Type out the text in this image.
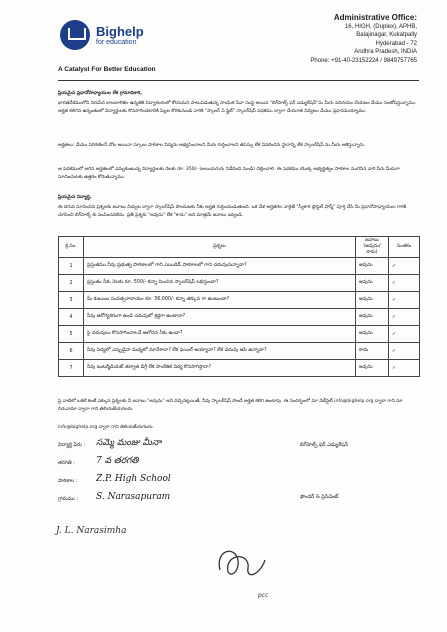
Bighelp
for education
A Catalyst For Better Education
Administrative Office:
16, HIGH, (Duplex), APHB,
Balajinagar, Kukatpally
Hyderabad - 72
Andhra Pradesh, INDIA
Phone: +91-40-23152224 / 9849757765
ప్రియమైన ప్రధానోపాధ్యాయుల లేక గ్రామాధికారి,
భారతదేశములోని నిరుపేద బాలబాలికల ఉన్నతికి విద్యారంగంలో కోయమని పాటుపడుతున్న సాంఘిక సేవా సంస్థ అయిన "బిగ్‌హెల్ప్ ఫర్ ఎడ్యుకేషన్"ను మీరు పరిచయం చేయటం మేము సంతోషిస్తున్నాము. అర్హత కలిగిన ఉన్నంతంలో విద్యార్థులకు కొనసాగించటానికి పిల్లల కొరకునుండి వారికి "స్కాలర్ ఏ ప్లైట్" స్కాలర్‌షిప్ పథకము ద్వారా చేయూత నివ్వటం మేము ప్రధానమయ్యాము.
అర్హతలు: మేము పరిగణించే చోట అయినా స్కూలు పాఠశాల విద్యను అభ్యసించాలని మీరు గుర్తించాలని తపస్సు లేక వివరించిన స్థానాన్ని లేక స్కాలర్‌షిప్ ను మీరు ఆశిస్తున్నారు.
ఆ పథకములో అగిన అర్హతలలో ఎన్నుకుంటున్న విద్యార్థులకు నెలకు రూ. 350/- (అయిదుగురు నివేదించి నుండి) చెల్లించాలి. ఈ పథకము యొక్క అభ్యర్థిత్వం పాఠశాల ముగిసిన వారి పేరు మీదుగా సూచించుటకు ఉత్తరం కోరుతున్నాము.
ప్రియమైన విద్యార్థి,
ఈ దిగువ సూచించిన ప్రశ్నలకు జవాబు నిచ్చుట ద్వారా స్కాలర్‌షిప్ పొందుటకు నీకు అర్హత గుర్తించబడుతుంది. ఒక వేళ అర్హతగల వారైతే "స్వీకార ఫ్రొఫైల్ ఫార్మ్" పూర్తి చేసి మీ ప్రధానోపాధ్యాయుల గారికి చూపించి బిగ్‌హెల్ప్ కు పంపించవలెను. ప్రతీ ప్రశ్నకు "అవును" లేక "కాదు" అని మాత్రమే జవాబు ఇవ్వండి.
క్ర.సం.	ప్రశ్నలు	జవాబు (అవును/కాదు)	సంతకం
1	ప్రస్తుతము నీవు ప్రభుత్వ పాఠశాలలో గాని ఎయిడెడ్ పాఠశాలలో గాని చదువుచున్నావా?	అవును	✓
2	ప్రస్తుతం నీకు నెలకు రూ. 500/- కన్నా మించిన స్కాలర్‌షిప్ లభిస్తుందా?	అవును	✓
3	మీ కుటుంబ సంవత్సరాదాయం రూ. 36,000/- కన్నా తక్కువ గా ఉంటుందా?	అవును	✓
4	నీవు ఆరోగ్యకరంగా ఉండి చదువులో శ్రద్ధగా ఉంటావా?	అవును	✓
5	పై చదువులు కొనసాగించాలనే ఆలోచన నీకు ఉందా?	అవును	✓
6	నీవు విద్యలో ఎప్పుడైనా మధ్యలో మానేశావా? లేక ఫెయిల్ అయ్యావా? లేక చదువు ఆపి ఉన్నావా?	కాదు	✓
7	నీవు ఇంటర్మీడియట్ తర్వాత డిగ్రీ లేక సాంకేతిక విద్య కొనసాగిస్తావా?	అవును	✓
పై వాటిలో ఒకటి కంటే ఎక్కువ ప్రశ్నలకు నీ జవాబు "అవును" అని వచ్చినట్లయితే, నీవు స్కాలర్‌షిప్ పొందే అర్హత కలిగి ఉంటావు. ఈ సందర్భంలో మా వెబ్‌సైట్ info@bighelp.org ద్వారా గాని మా చిరునామా ద్వారా గాని తెలియజేయగలరు.
info@bighelp.org ద్వారా గాని తెలియజేయగలరు.
విద్యార్థి పేరు : సమ్మె మంజు మీనా
తరగతి : 7 వ తరగతి
పాఠశాల : Z.P. High School
గ్రామము : S. Narasapuram
బిగ్‌హెల్ప్ ఫర్ ఎడ్యుకేషన్
ఫౌండర్ & ప్రెసిడెంట్
J. L. Narasimha
pcc
